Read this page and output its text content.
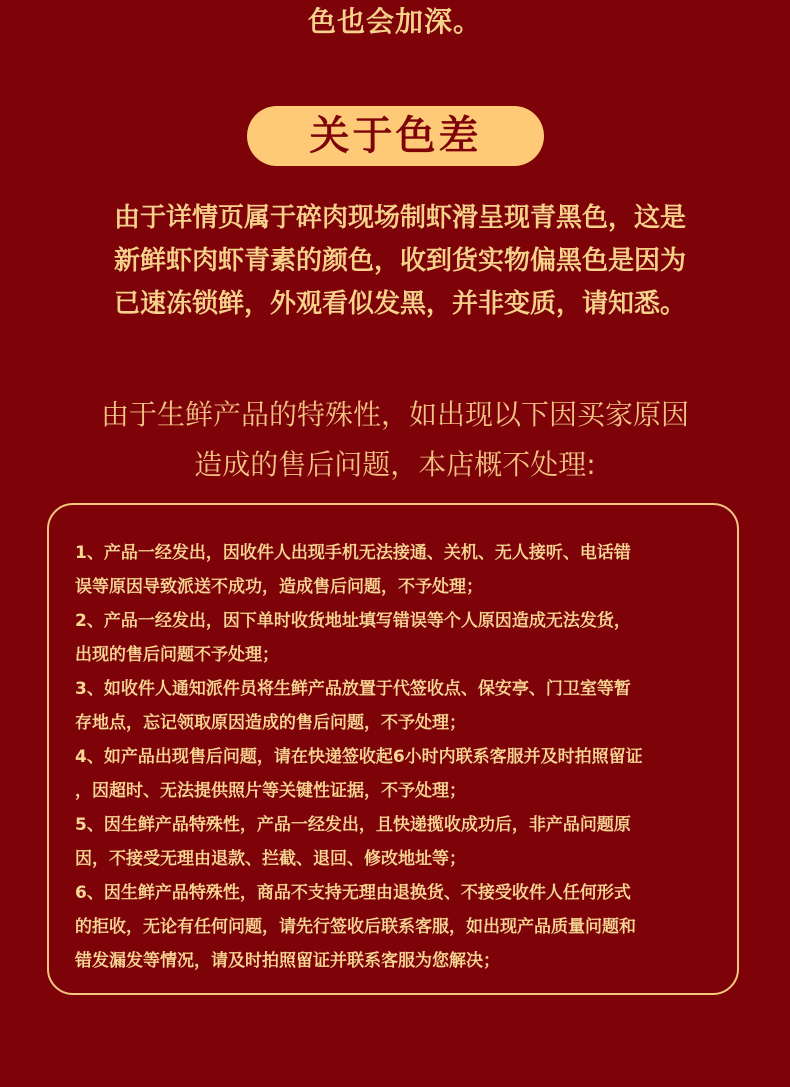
色也会加深。
关于色差
由于详情页属于碎肉现场制虾滑呈现青黑色，这是
新鲜虾肉虾青素的颜色，收到货实物偏黑色是因为
已速冻锁鲜，外观看似发黑，并非变质，请知悉。
由于生鲜产品的特殊性，如出现以下因买家原因
造成的售后问题，本店概不处理:
1、产品一经发出，因收件人出现手机无法接通、关机、无人接听、电话错
误等原因导致派送不成功，造成售后问题，不予处理；
2、产品一经发出，因下单时收货地址填写错误等个人原因造成无法发货，
出现的售后问题不予处理；
3、如收件人通知派件员将生鲜产品放置于代签收点、保安亭、门卫室等暂
存地点，忘记领取原因造成的售后问题，不予处理；
4、如产品出现售后问题，请在快递签收起6小时内联系客服并及时拍照留证
，因超时、无法提供照片等关键性证据，不予处理；
5、因生鲜产品特殊性，产品一经发出，且快递揽收成功后，非产品问题原
因，不接受无理由退款、拦截、退回、修改地址等；
6、因生鲜产品特殊性，商品不支持无理由退换货、不接受收件人任何形式
的拒收，无论有任何问题，请先行签收后联系客服，如出现产品质量问题和
错发漏发等情况，请及时拍照留证并联系客服为您解决；
